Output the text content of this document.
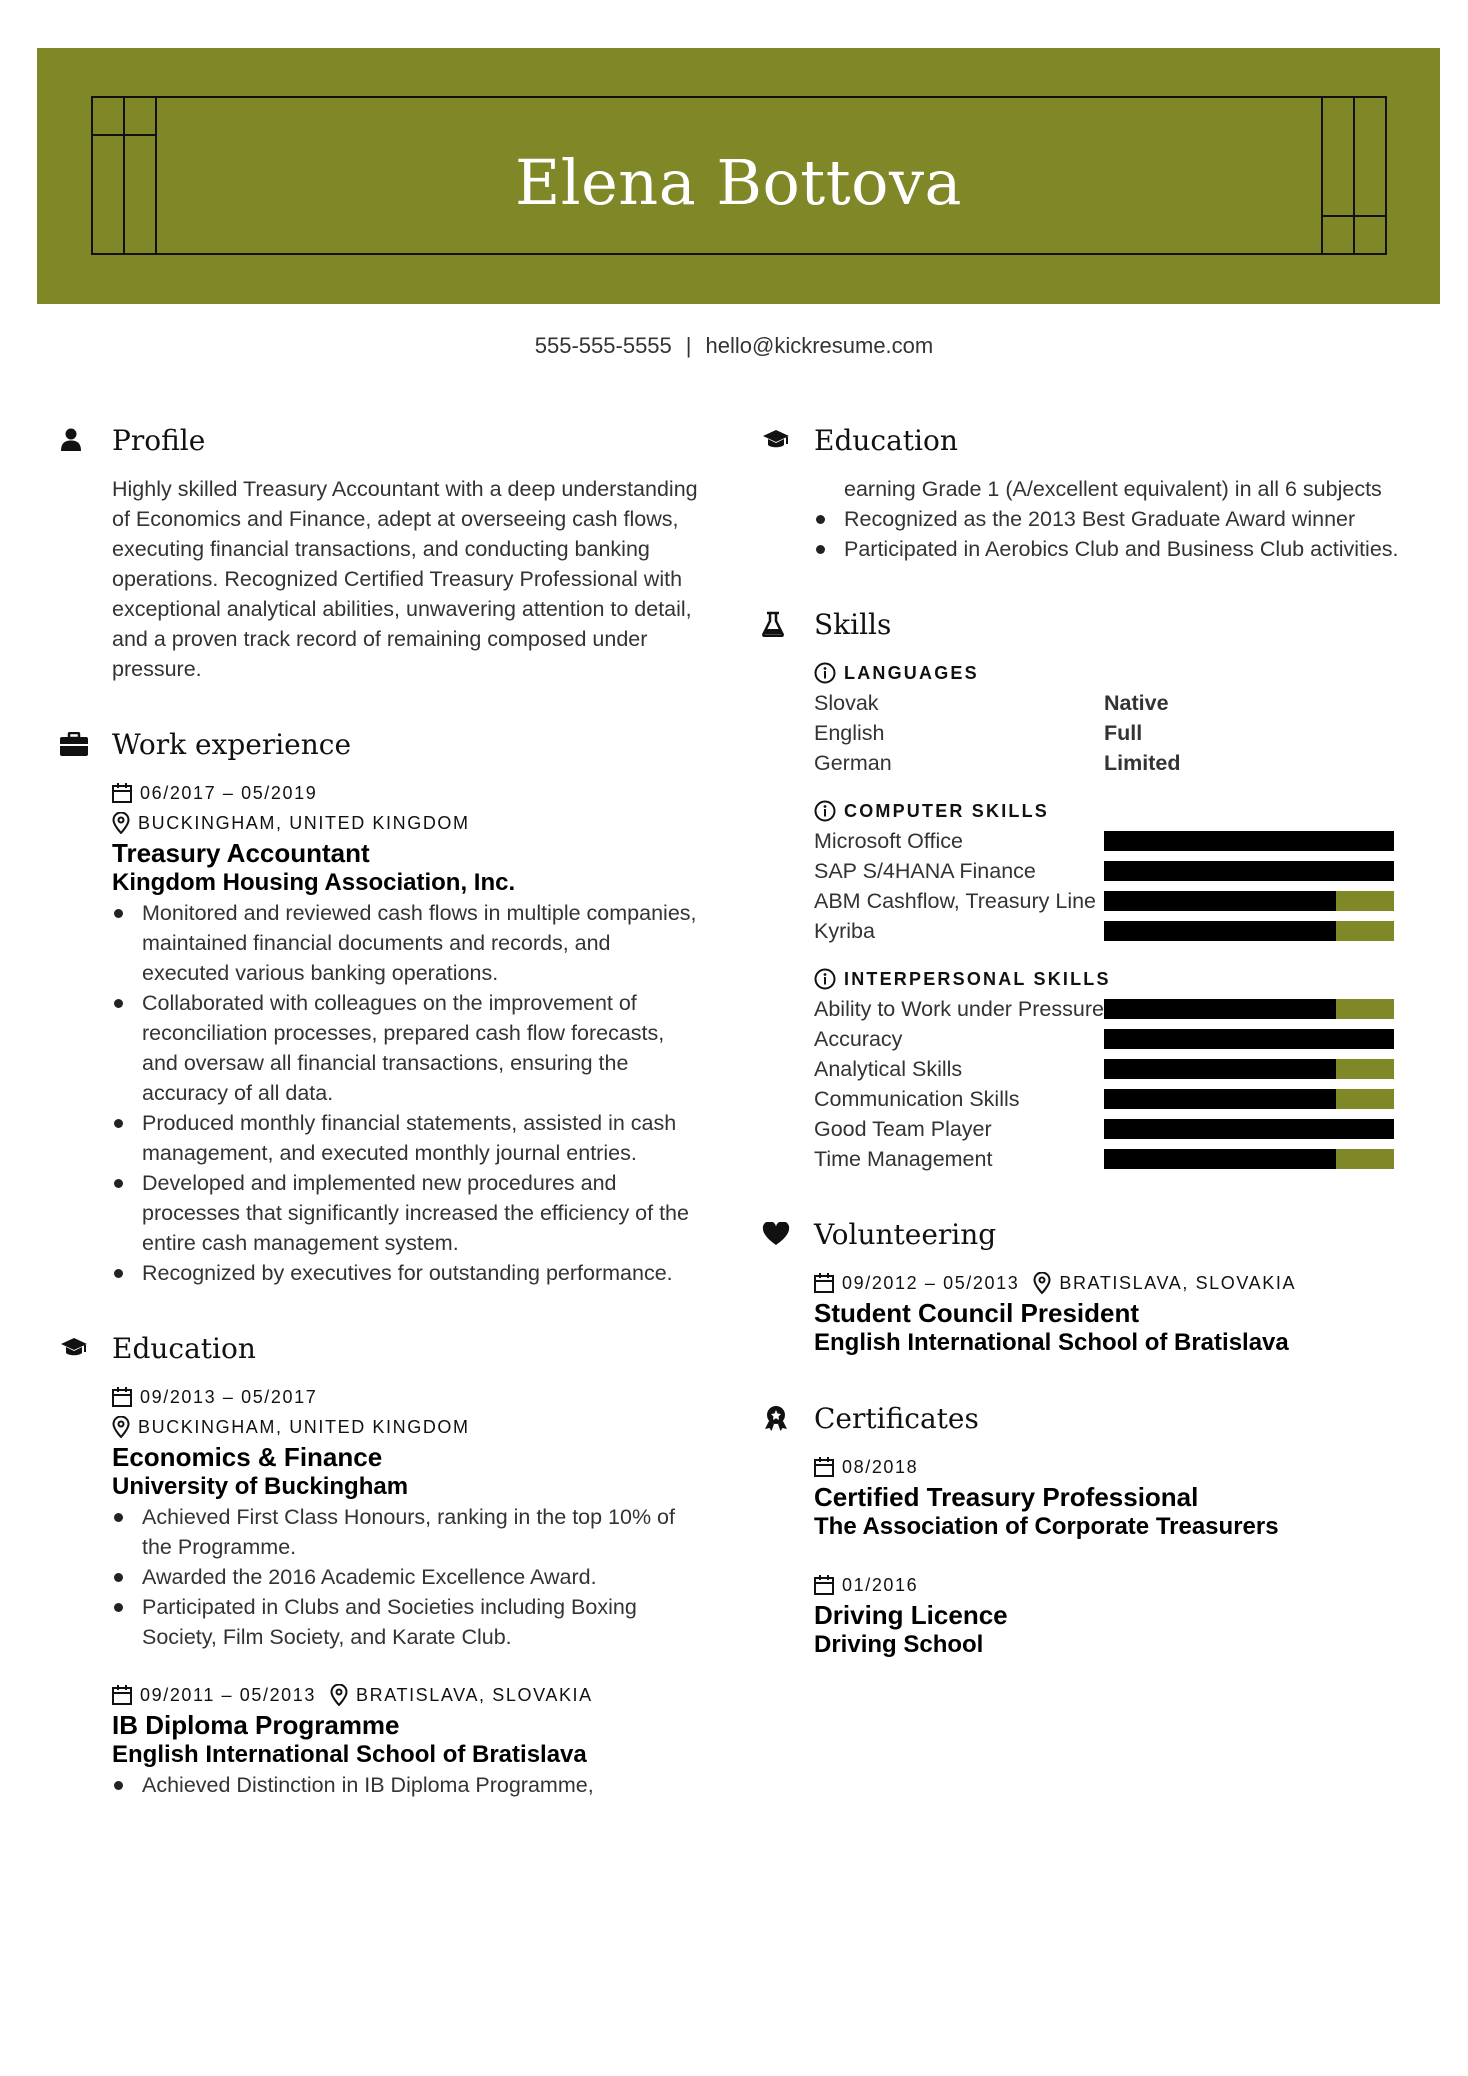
Elena Bottova
555-555-5555 | hello@kickresume.com
Profile

Highly skilled Treasury Accountant with a deep understanding of Economics and Finance, adept at overseeing cash flows, executing financial transactions, and conducting banking operations. Recognized Certified Treasury Professional with exceptional analytical abilities, unwavering attention to detail, and a proven track record of remaining composed under pressure.

Work experience
06/2017 – 05/2019
BUCKINGHAM, UNITED KINGDOM
Treasury Accountant
Kingdom Housing Association, Inc.
Monitored and reviewed cash flows in multiple companies, maintained financial documents and records, and executed various banking operations.
Collaborated with colleagues on the improvement of reconciliation processes, prepared cash flow forecasts, and oversaw all financial transactions, ensuring the accuracy of all data.
Produced monthly financial statements, assisted in cash management, and executed monthly journal entries.
Developed and implemented new procedures and processes that significantly increased the efficiency of the entire cash management system.
Recognized by executives for outstanding performance.
Education
09/2013 – 05/2017
BUCKINGHAM, UNITED KINGDOM
Economics & Finance
University of Buckingham
Achieved First Class Honours, ranking in the top 10% of the Programme.
Awarded the 2016 Academic Excellence Award.
Participated in Clubs and Societies including Boxing Society, Film Society, and Karate Club.
09/2011 – 05/2013 BRATISLAVA, SLOVAKIA
IB Diploma Programme
English International School of Bratislava
Achieved Distinction in IB Diploma Programme,
Education

earning Grade 1 (A/excellent equivalent) in all 6 subjects

Recognized as the 2013 Best Graduate Award winner
Participated in Aerobics Club and Business Club activities.
Skills
LANGUAGES
Slovak	Native
English	Full
German	Limited
COMPUTER SKILLS
Microsoft Office
SAP S/4HANA Finance
ABM Cashflow, Treasury Line
Kyriba
INTERPERSONAL SKILLS
Ability to Work under Pressure
Accuracy
Analytical Skills
Communication Skills
Good Team Player
Time Management
Volunteering
09/2012 – 05/2013 BRATISLAVA, SLOVAKIA
Student Council President
English International School of Bratislava
Certificates
08/2018
Certified Treasury Professional
The Association of Corporate Treasurers
01/2016
Driving Licence
Driving School
